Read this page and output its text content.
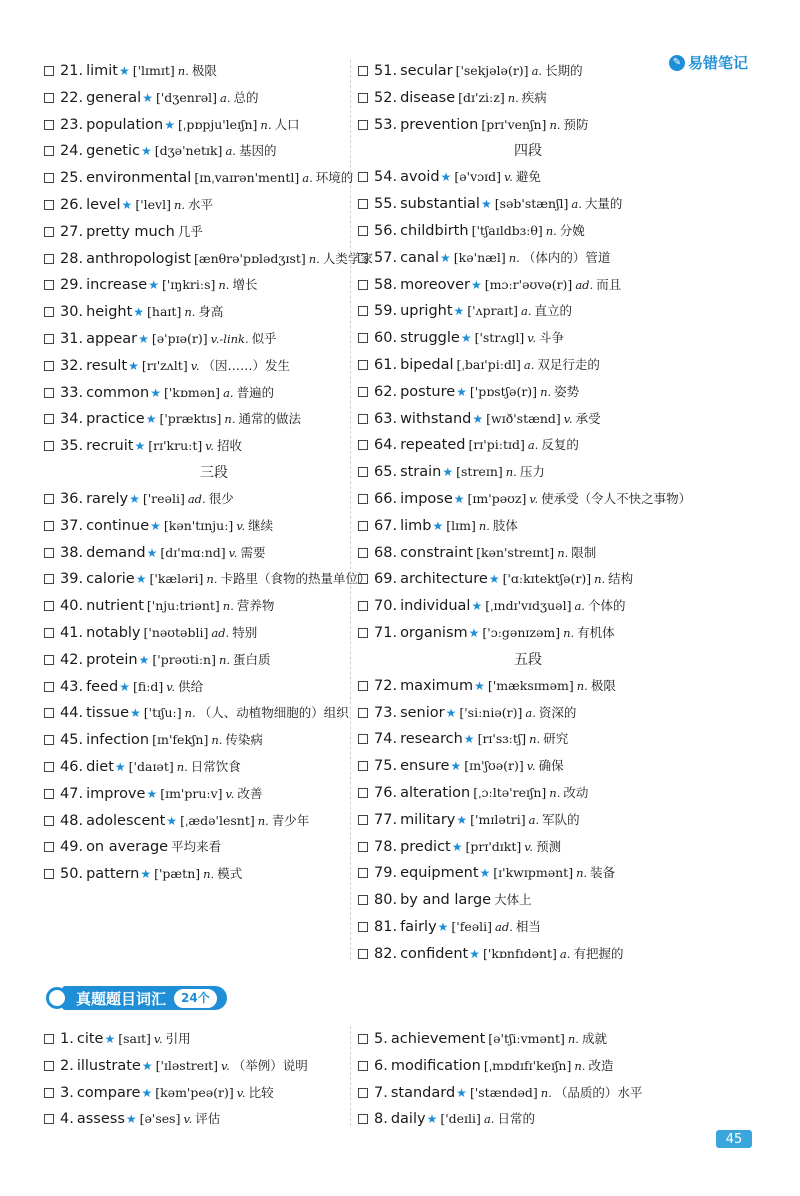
✎ 易错笔记
21. limit★ ['lɪmɪt] n. 极限
22. general★ ['dʒenrəl] a. 总的
23. population★ [ˌpɒpju'leɪʃn] n. 人口
24. genetic★ [dʒə'netɪk] a. 基因的
25. environmental [ɪnˌvaɪrən'mentl] a. 环境的
26. level★ ['levl] n. 水平
27. pretty much 几乎
28. anthropologist [ænθrə'pɒlədʒɪst] n. 人类学家
29. increase★ ['ɪŋkriːs] n. 增长
30. height★ [haɪt] n. 身高
31. appear★ [ə'pɪə(r)] v.-link. 似乎
32. result★ [rɪ'zʌlt] v. （因……）发生
33. common★ ['kɒmən] a. 普遍的
34. practice★ ['præktɪs] n. 通常的做法
35. recruit★ [rɪ'kruːt] v. 招收
三段
36. rarely★ ['reəli] ad. 很少
37. continue★ [kən'tɪnjuː] v. 继续
38. demand★ [dɪ'mɑːnd] v. 需要
39. calorie★ ['kæləri] n. 卡路里（食物的热量单位）
40. nutrient ['njuːtriənt] n. 营养物
41. notably ['nəʊtəbli] ad. 特别
42. protein★ ['prəʊtiːn] n. 蛋白质
43. feed★ [fiːd] v. 供给
44. tissue★ ['tɪʃuː] n. （人、动植物细胞的）组织
45. infection [ɪn'fekʃn] n. 传染病
46. diet★ ['daɪət] n. 日常饮食
47. improve★ [ɪm'pruːv] v. 改善
48. adolescent★ [ˌædə'lesnt] n. 青少年
49. on average 平均来看
50. pattern★ ['pætn] n. 模式
51. secular ['sekjələ(r)] a. 长期的
52. disease [dɪ'ziːz] n. 疾病
53. prevention [prɪ'venʃn] n. 预防
四段
54. avoid★ [ə'vɔɪd] v. 避免
55. substantial★ [səb'stænʃl] a. 大量的
56. childbirth ['tʃaɪldbɜːθ] n. 分娩
57. canal★ [kə'næl] n. （体内的）管道
58. moreover★ [mɔːr'əʊvə(r)] ad. 而且
59. upright★ ['ʌpraɪt] a. 直立的
60. struggle★ ['strʌgl] v. 斗争
61. bipedal [ˌbaɪ'piːdl] a. 双足行走的
62. posture★ ['pɒstʃə(r)] n. 姿势
63. withstand★ [wɪð'stænd] v. 承受
64. repeated [rɪ'piːtɪd] a. 反复的
65. strain★ [streɪn] n. 压力
66. impose★ [ɪm'pəʊz] v. 使承受（令人不快之事物）
67. limb★ [lɪm] n. 肢体
68. constraint [kən'streɪnt] n. 限制
69. architecture★ ['ɑːkɪtektʃə(r)] n. 结构
70. individual★ [ˌɪndɪ'vɪdʒuəl] a. 个体的
71. organism★ ['ɔːgənɪzəm] n. 有机体
五段
72. maximum★ ['mæksɪməm] n. 极限
73. senior★ ['siːniə(r)] a. 资深的
74. research★ [rɪ'sɜːtʃ] n. 研究
75. ensure★ [ɪn'ʃʊə(r)] v. 确保
76. alteration [ˌɔːltə'reɪʃn] n. 改动
77. military★ ['mɪlətri] a. 军队的
78. predict★ [prɪ'dɪkt] v. 预测
79. equipment★ [ɪ'kwɪpmənt] n. 装备
80. by and large 大体上
81. fairly★ ['feəli] ad. 相当
82. confident★ ['kɒnfɪdənt] a. 有把握的
真题题目词汇	24个
1. cite★ [saɪt] v. 引用
2. illustrate★ ['ɪləstreɪt] v. （举例）说明
3. compare★ [kəm'peə(r)] v. 比较
4. assess★ [ə'ses] v. 评估
5. achievement [ə'tʃiːvmənt] n. 成就
6. modification [ˌmɒdɪfɪ'keɪʃn] n. 改造
7. standard★ ['stændəd] n. （品质的）水平
8. daily★ ['deɪli] a. 日常的
45
